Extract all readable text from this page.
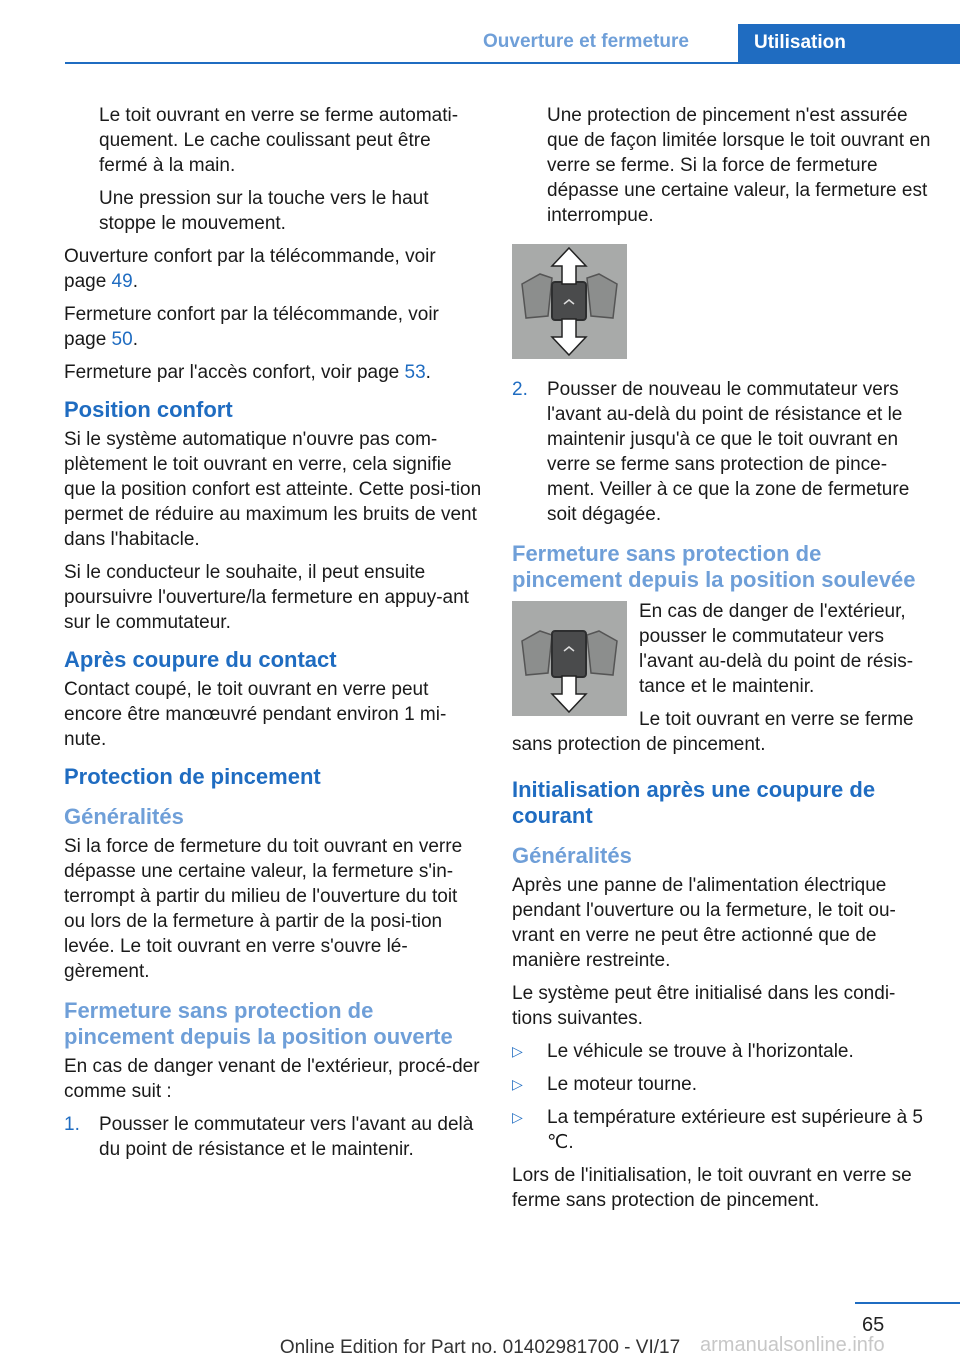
Ouverture et fermeture	Utilisation

Le toit ouvrant en verre se ferme automati‐quement. Le cache coulissant peut être fermé à la main.

Une pression sur la touche vers le haut stoppe le mouvement.

Ouverture confort par la télécommande, voir page 49.

Fermeture confort par la télécommande, voir page 50.

Fermeture par l'accès confort, voir page 53.

Position confort

Si le système automatique n'ouvre pas com‐plètement le toit ouvrant en verre, cela signifie que la position confort est atteinte. Cette posi‐tion permet de réduire au maximum les bruits de vent dans l'habitacle.

Si le conducteur le souhaite, il peut ensuite poursuivre l'ouverture/la fermeture en appuy‐ant sur le commutateur.

Après coupure du contact

Contact coupé, le toit ouvrant en verre peut encore être manœuvré pendant environ 1 mi‐nute.

Protection de pincement
Généralités

Si la force de fermeture du toit ouvrant en verre dépasse une certaine valeur, la fermeture s'in‐terrompt à partir du milieu de l'ouverture du toit ou lors de la fermeture à partir de la posi‐tion levée. Le toit ouvrant en verre s'ouvre lé‐gèrement.

Fermeture sans protection de pincement depuis la position ouverte

En cas de danger venant de l'extérieur, procé‐der comme suit :

1.	Pousser le commutateur vers l'avant au delà du point de résistance et le maintenir.

Une protection de pincement n'est assurée que de façon limitée lorsque le toit ouvrant en verre se ferme. Si la force de fermeture dépasse une certaine valeur, la fermeture est interrompue.

2.	Pousser de nouveau le commutateur vers l'avant au-delà du point de résistance et le maintenir jusqu'à ce que le toit ouvrant en verre se ferme sans protection de pince‐ment. Veiller à ce que la zone de fermeture soit dégagée.
Fermeture sans protection de pincement depuis la position soulevée

En cas de danger de l'extérieur, pousser le commutateur vers l'avant au-delà du point de résis‐tance et le maintenir.

Le toit ouvrant en verre se ferme sans protection de pincement.

Initialisation après une coupure de courant
Généralités

Après une panne de l'alimentation électrique pendant l'ouverture ou la fermeture, le toit ou‐vrant en verre ne peut être actionné que de manière restreinte.

Le système peut être initialisé dans les condi‐tions suivantes.

▷	Le véhicule se trouve à l'horizontale.
▷	Le moteur tourne.
▷	La température extérieure est supérieure à 5 ℃.

Lors de l'initialisation, le toit ouvrant en verre se ferme sans protection de pincement.

65
armanualsonline.info
Online Edition for Part no. 01402981700 - VI/17
